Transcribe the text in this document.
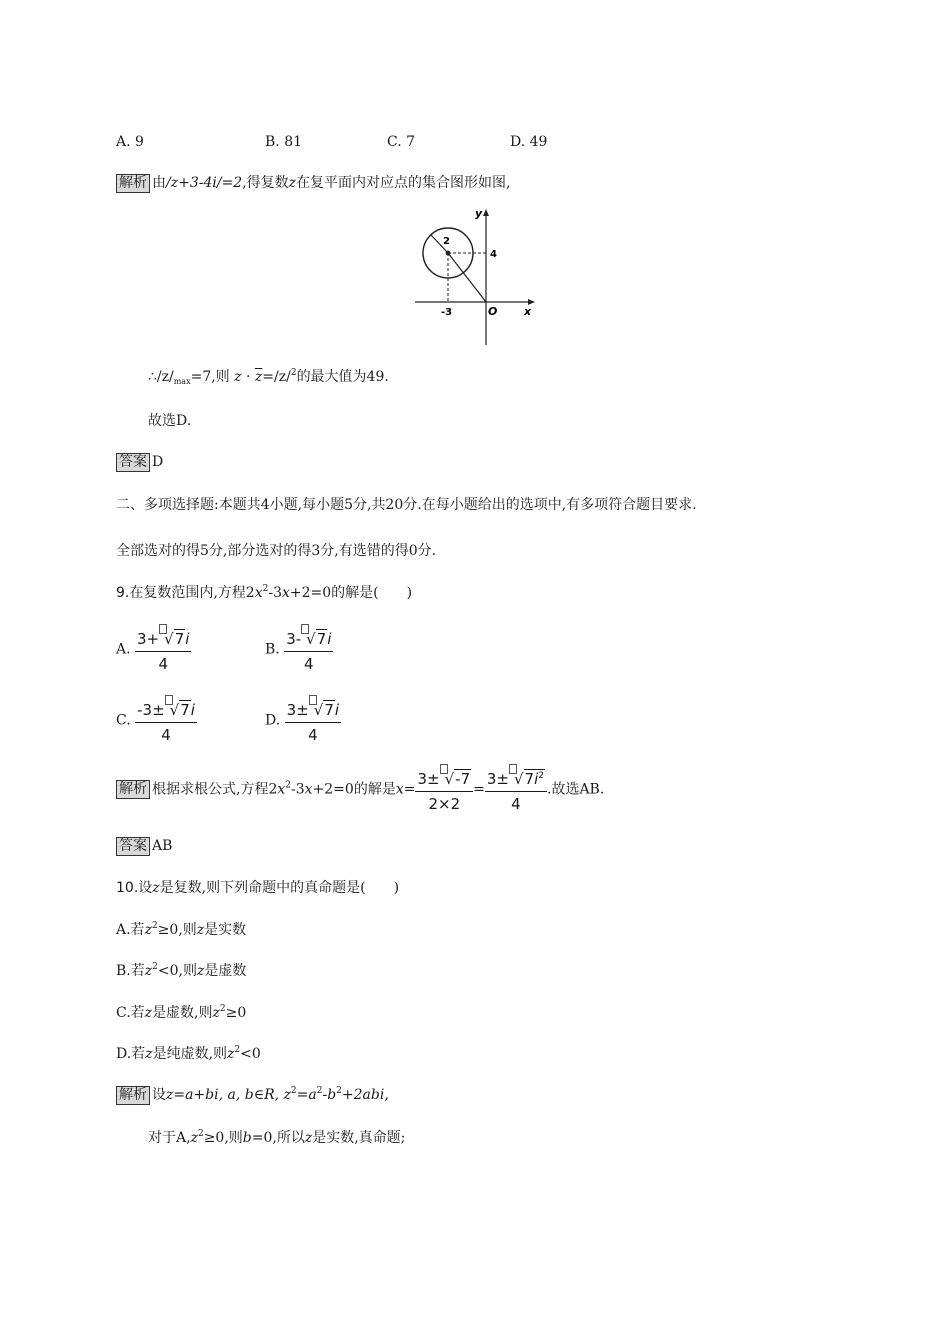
A. 9	B. 81	C. 7	D. 49
解析 由/z+3-4i/=2,得复数z在复平面内对应点的集合图形如图,
y
x
O
2
4
-3
$\therefore/z/_{max}=7$,则 $z \cdot \overline{z}=/z/^2$的最大值为49.
故选D.
答案 D
二、多项选择题:本题共4小题,每小题5分,共20分.在每小题给出的选项中,有多项符合题目要求.
全部选对的得5分,部分选对的得3分,有选错的得0分.
9.在复数范围内,方程$2x^2-3x+2=0$的解是(　　)
A. $\frac{3+ √7i}{4}$	B. $\frac{3- √7i}{4}$
C. $\frac{-3\pm √7i}{4}$	D. $\frac{3\pm √7i}{4}$
解析 根据求根公式,方程$2x^2-3x+2=0$的解是$x= \frac{3\pm √-7}{2\times 2} = \frac{3\pm √7i^2}{4}$ .故选AB.
答案 AB
10.设z是复数,则下列命题中的真命题是(　　)
A.若$z^2\ge 0$,则z是实数
B.若$z^2<0$,则z是虚数
C.若z是虚数,则$z^2\ge 0$
D.若z是纯虚数,则$z^2<0$
解析 设z=a+bi, a, b∈R, $z^2=a^2-b^2+2abi$,
对于$A,z^2\ge 0$,则b=0,所以z是实数,真命题;
